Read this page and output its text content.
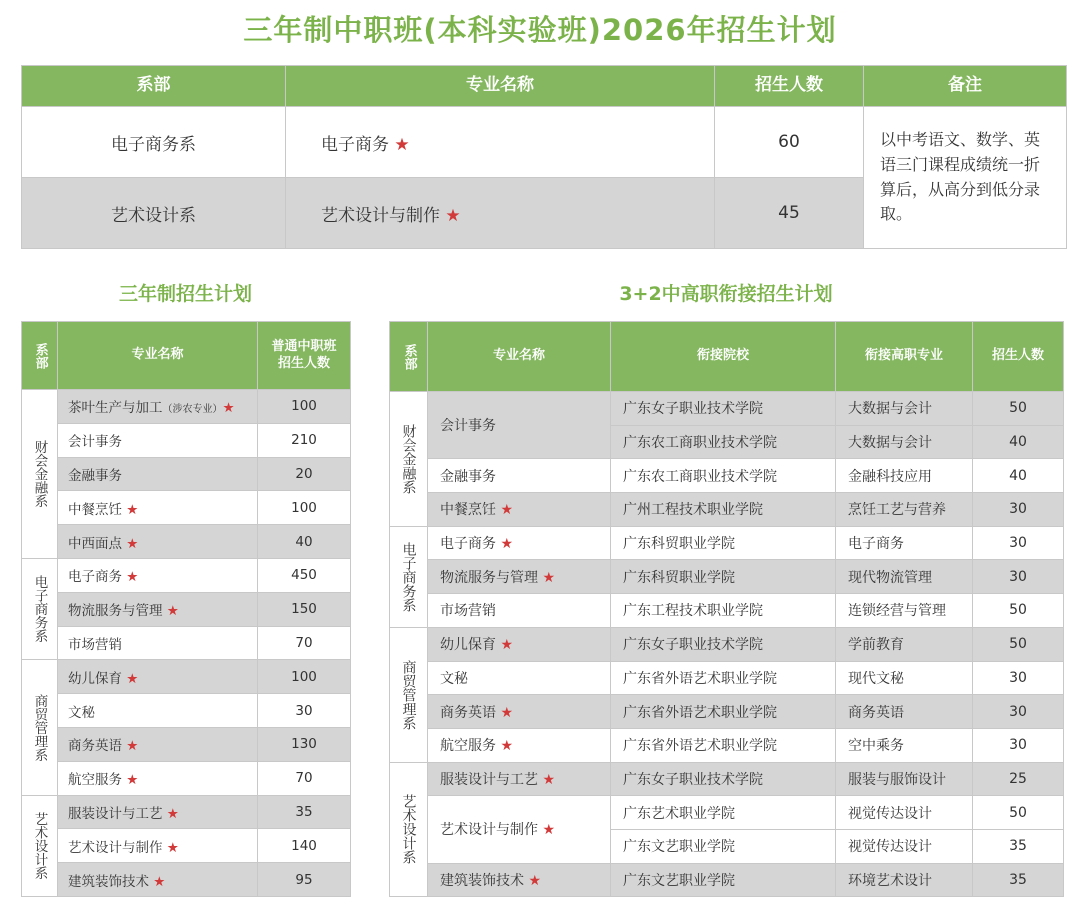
三年制中职班(本科实验班)2026年招生计划
系部	专业名称	招生人数	备注
电子商务系	电子商务 ★	60	以中考语文、数学、英语三门课程成绩统一折算后，从高分到低分录取。
艺术设计系	艺术设计与制作 ★	45	
三年制招生计划	3+2中高职衔接招生计划
系部	专业名称	普通中职班招生人数

财会金融系	茶叶生产与加工（涉农专业）★	100
	会计事务	210
	金融事务	20
	中餐烹饪 ★	100
	中西面点 ★	40

电子商务系	电子商务 ★	450
	物流服务与管理 ★	150
	市场营销	70

商贸管理系	幼儿保育 ★	100
	文秘	30
	商务英语 ★	130
	航空服务 ★	70

艺术设计系	服装设计与工艺 ★	35
	艺术设计与制作 ★	140
	建筑装饰技术 ★	95
系部	专业名称	衔接院校	衔接高职专业	招生人数

财会金融系	会计事务	广东女子职业技术学院	大数据与会计	50
		广东农工商职业技术学院	大数据与会计	40
	金融事务	广东农工商职业技术学院	金融科技应用	40
	中餐烹饪 ★	广州工程技术职业学院	烹饪工艺与营养	30

电子商务系	电子商务 ★	广东科贸职业学院	电子商务	30
	物流服务与管理 ★	广东科贸职业学院	现代物流管理	30
	市场营销	广东工程技术职业学院	连锁经营与管理	50

商贸管理系	幼儿保育 ★	广东女子职业技术学院	学前教育	50
	文秘	广东省外语艺术职业学院	现代文秘	30
	商务英语 ★	广东省外语艺术职业学院	商务英语	30
	航空服务 ★	广东省外语艺术职业学院	空中乘务	30

艺术设计系	服装设计与工艺 ★	广东女子职业技术学院	服装与服饰设计	25
	艺术设计与制作 ★	广东艺术职业学院	视觉传达设计	50
		广东文艺职业学院	视觉传达设计	35
	建筑装饰技术 ★	广东文艺职业学院	环境艺术设计	35
